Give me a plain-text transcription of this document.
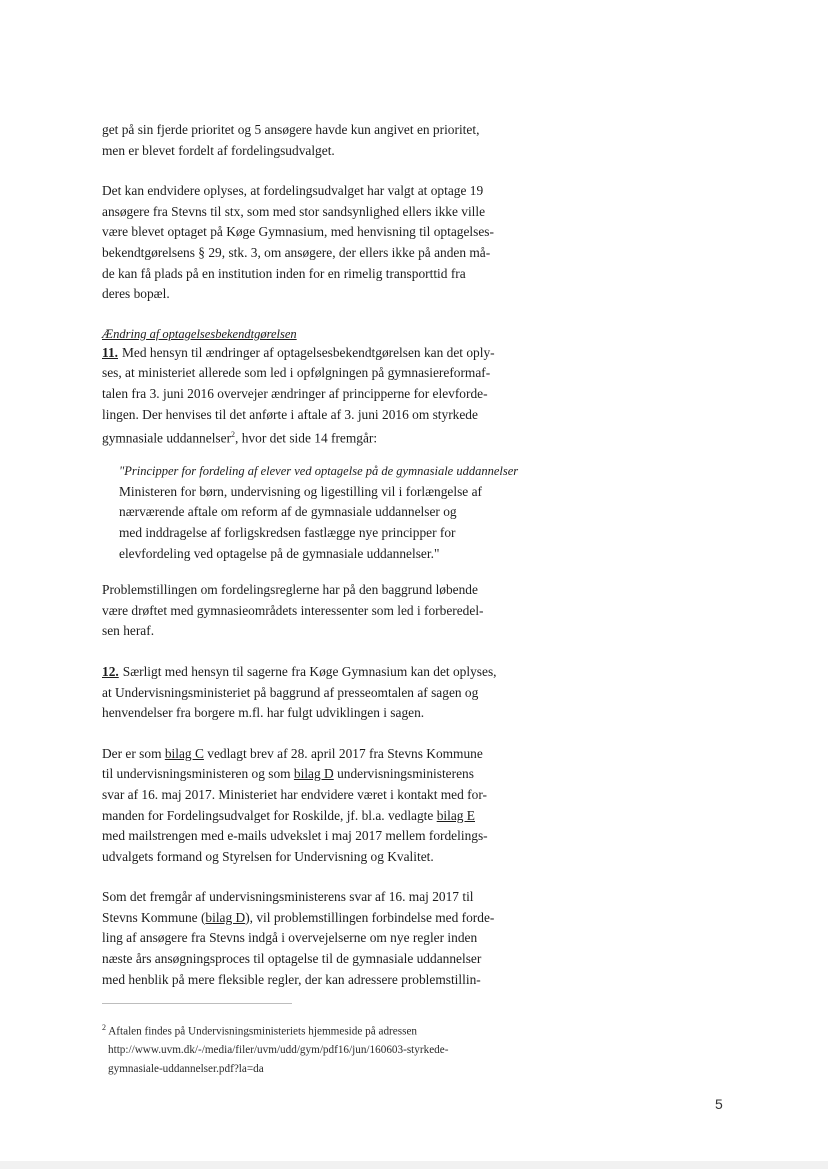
get på sin fjerde prioritet og 5 ansøgere havde kun angivet en prioritet,
men er blevet fordelt af fordelingsudvalget.
Det kan endvidere oplyses, at fordelingsudvalget har valgt at optage 19
ansøgere fra Stevns til stx, som med stor sandsynlighed ellers ikke ville
være blevet optaget på Køge Gymnasium, med henvisning til optagelses-
bekendtgørelsens § 29, stk. 3, om ansøgere, der ellers ikke på anden må-
de kan få plads på en institution inden for en rimelig transporttid fra
deres bopæl.
Ændring af optagelsesbekendtgørelsen
11. Med hensyn til ændringer af optagelsesbekendtgørelsen kan det oply-
ses, at ministeriet allerede som led i opfølgningen på gymnasiereformaf-
talen fra 3. juni 2016 overvejer ændringer af principperne for elevforde-
lingen. Der henvises til det anførte i aftale af 3. juni 2016 om styrkede
gymnasiale uddannelser$^2$, hvor det side 14 fremgår:
"Principper for fordeling af elever ved optagelse på de gymnasiale uddannelser
Ministeren for børn, undervisning og ligestilling vil i forlængelse af
nærværende aftale om reform af de gymnasiale uddannelser og
med inddragelse af forligskredsen fastlægge nye principper for
elevfordeling ved optagelse på de gymnasiale uddannelser."
Problemstillingen om fordelingsreglerne har på den baggrund løbende
være drøftet med gymnasieområdets interessenter som led i forberedel-
sen heraf.
12. Særligt med hensyn til sagerne fra Køge Gymnasium kan det oplyses,
at Undervisningsministeriet på baggrund af presseomtalen af sagen og
henvendelser fra borgere m.fl. har fulgt udviklingen i sagen.
Der er som bilag C vedlagt brev af 28. april 2017 fra Stevns Kommune
til undervisningsministeren og som bilag D undervisningsministerens
svar af 16. maj 2017. Ministeriet har endvidere været i kontakt med for-
manden for Fordelingsudvalget for Roskilde, jf. bl.a. vedlagte bilag E
med mailstrengen med e-mails udvekslet i maj 2017 mellem fordelings-
udvalgets formand og Styrelsen for Undervisning og Kvalitet.
Som det fremgår af undervisningsministerens svar af 16. maj 2017 til
Stevns Kommune (bilag D), vil problemstillingen forbindelse med forde-
ling af ansøgere fra Stevns indgå i overvejelserne om nye regler inden
næste års ansøgningsproces til optagelse til de gymnasiale uddannelser
med henblik på mere fleksible regler, der kan adressere problemstillin-
$^2$ Aftalen findes på Undervisningsministeriets hjemmeside på adressen
http://www.uvm.dk/-/media/filer/uvm/udd/gym/pdf16/jun/160603-styrkede-
gymnasiale-uddannelser.pdf?la=da
5
